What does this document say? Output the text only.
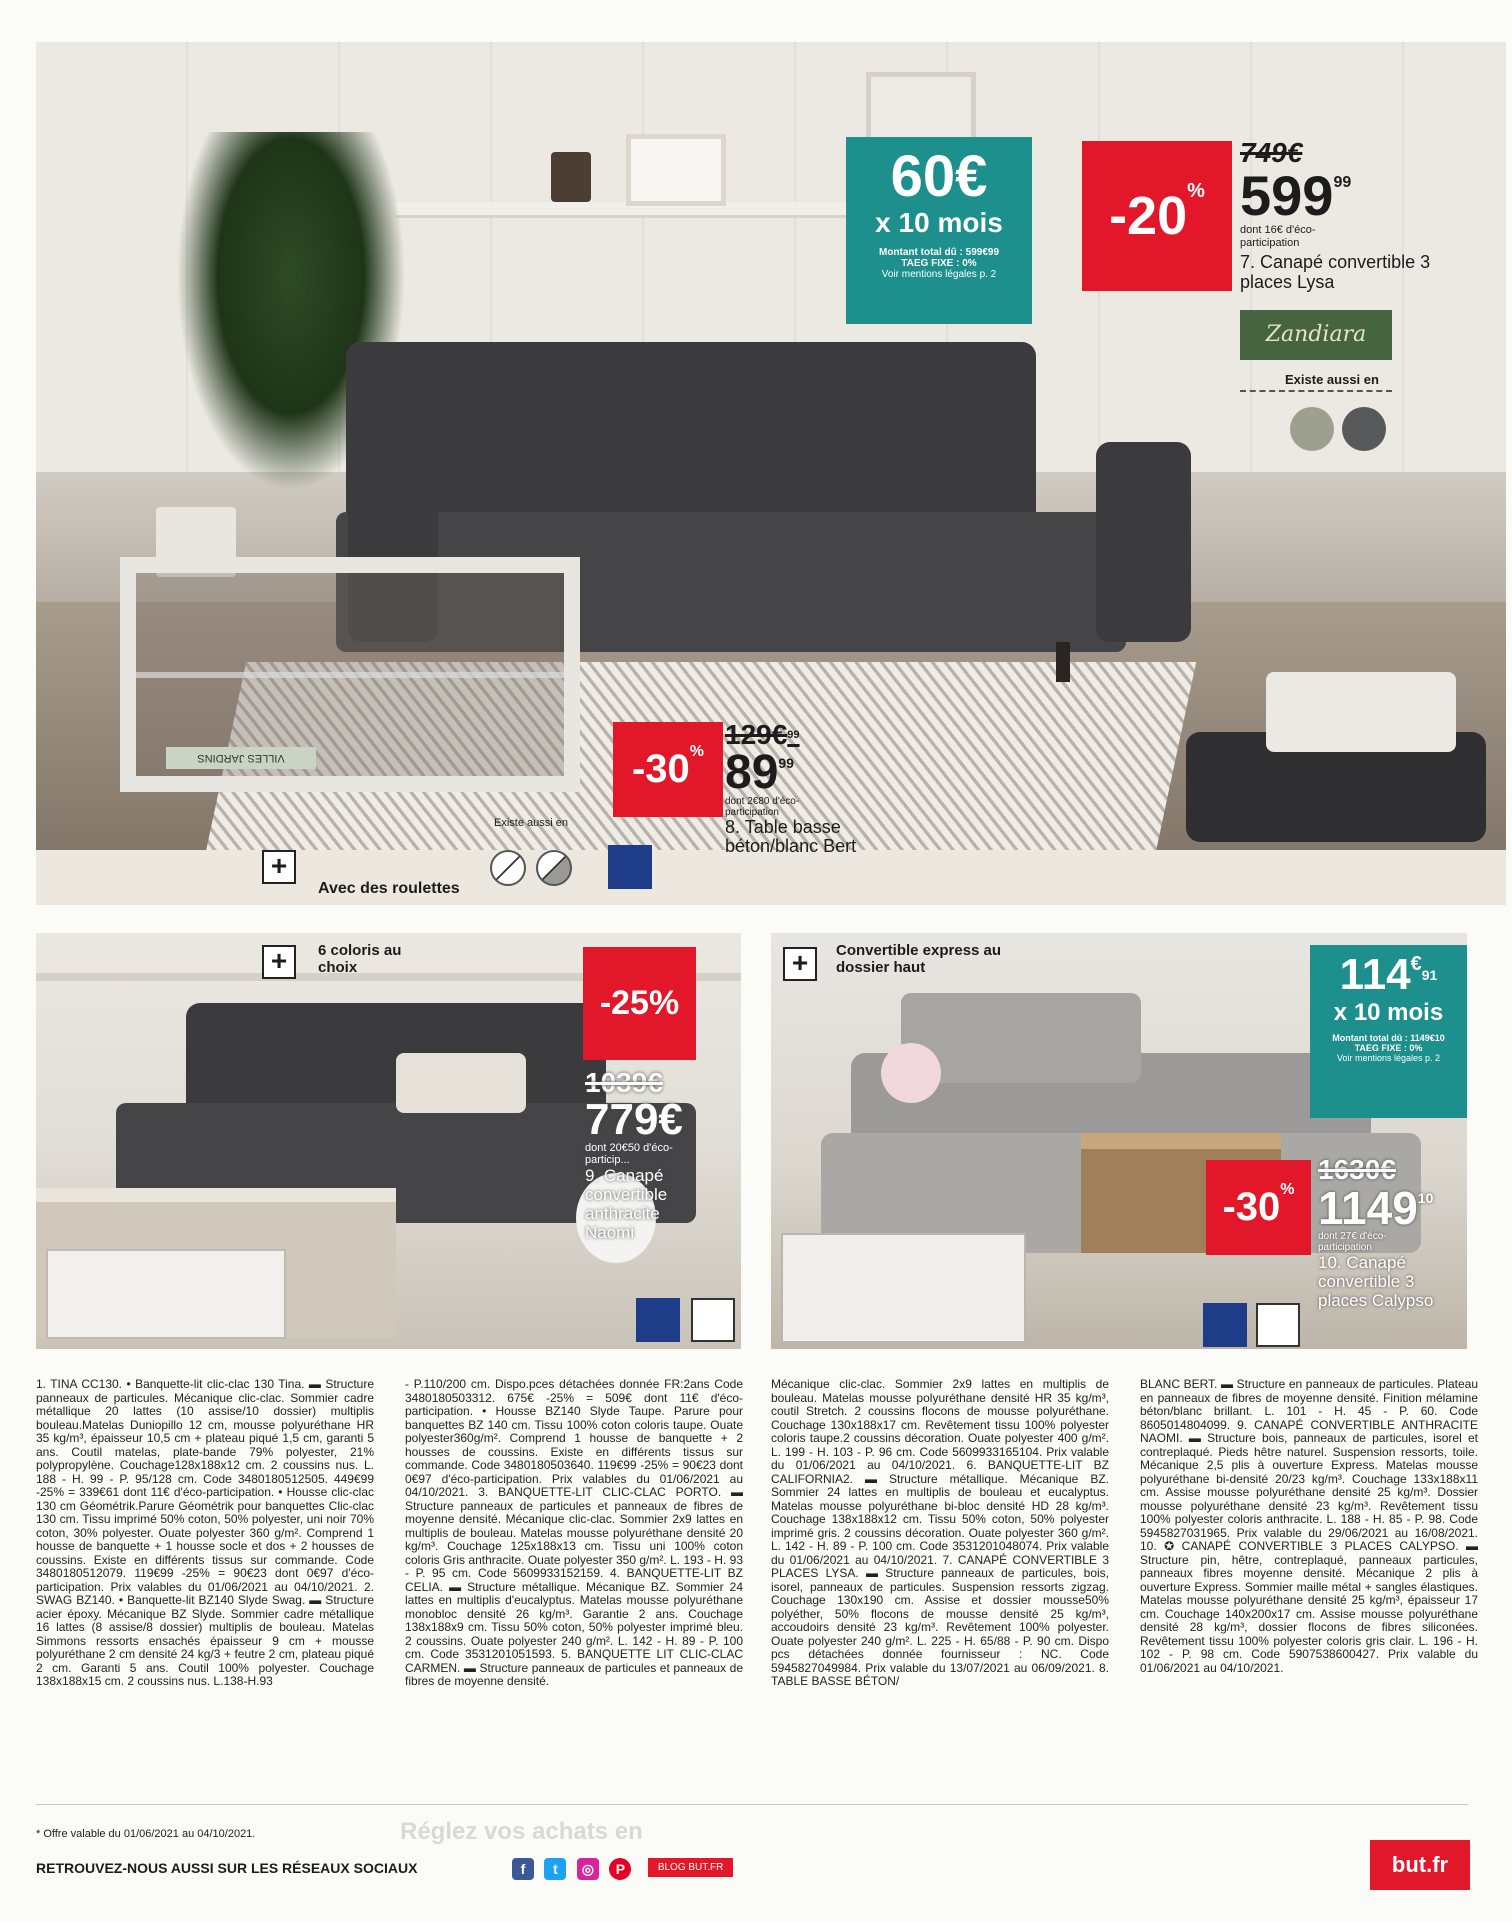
VILLES JARDINS
60€
x 10 mois
Montant total dû : 599€99
TAEG FIXE : 0%
Voir mentions légales p. 2
-20%
749€
$599^{99}$
dont 16€ d'éco-participation
7. Canapé convertible 3 places Lysa
Zandiara
Existe aussi en

-30%
129€$^{99}$
$89^{99}$
dont 2€80 d'éco-participation
8. Table basse béton/blanc Bert
Existe aussi en

+
Avec des roulettes
+	6 coloris au choix
-25%
1039€
779€
dont 20€50 d'éco-particip...
9. Canapé convertible anthracite Naomi
+	Convertible express au dossier haut	$114^{€91}$
x 10 mois
Montant total dû : 1149€10
TAEG FIXE : 0%
Voir mentions légales p. 2
-30%
1630€
1149$^{10}$
dont 27€ d'éco-participation
10. Canapé convertible 3 places Calypso
1. TINA CC130. • Banquette-lit clic-clac 130 Tina. ▬ Structure panneaux de particules. Mécanique clic-clac. Sommier cadre métallique 20 lattes (10 assise/10 dossier) multiplis bouleau.Matelas Duniopillo 12 cm, mousse polyuréthane HR 35 kg/m³, épaisseur 10,5 cm + plateau piqué 1,5 cm, garanti 5 ans. Coutil matelas, plate-bande 79% polyester, 21% polypropylène. Couchage128x188x12 cm. 2 coussins nus. L. 188 - H. 99 - P. 95/128 cm. Code 3480180512505. 449€99 -25% = 339€61 dont 11€ d'éco-participation. • Housse clic-clac 130 cm Géométrik.Parure Géométrik pour banquettes Clic-clac 130 cm. Tissu imprimé 50% coton, 50% polyester, uni noir 70% coton, 30% polyester. Ouate polyester 360 g/m². Comprend 1 housse de banquette + 1 housse socle et dos + 2 housses de coussins. Existe en différents tissus sur commande. Code 3480180512079. 119€99 -25% = 90€23 dont 0€97 d'éco-participation. Prix valables du 01/06/2021 au 04/10/2021. 2. SWAG BZ140. • Banquette-lit BZ140 Slyde Swag. ▬ Structure acier époxy. Mécanique BZ Slyde. Sommier cadre métallique 16 lattes (8 assise/8 dossier) multiplis de bouleau. Matelas Simmons ressorts ensachés épaisseur 9 cm + mousse polyuréthane 2 cm densité 24 kg/3 + feutre 2 cm, plateau piqué 2 cm. Garanti 5 ans. Coutil 100% polyester. Couchage 138x188x15 cm. 2 coussins nus. L.138-H.93
- P.110/200 cm. Dispo.pces détachées donnée FR:2ans Code 3480180503312. 675€ -25% = 509€ dont 11€ d'éco-participation. • Housse BZ140 Slyde Taupe. Parure pour banquettes BZ 140 cm. Tissu 100% coton coloris taupe. Ouate polyester360g/m². Comprend 1 housse de banquette + 2 housses de coussins. Existe en différents tissus sur commande. Code 3480180503640. 119€99 -25% = 90€23 dont 0€97 d'éco-participation. Prix valables du 01/06/2021 au 04/10/2021. 3. BANQUETTE-LIT CLIC-CLAC PORTO. ▬ Structure panneaux de particules et panneaux de fibres de moyenne densité. Mécanique clic-clac. Sommier 2x9 lattes en multiplis de bouleau. Matelas mousse polyuréthane densité 20 kg/m³. Couchage 125x188x13 cm. Tissu uni 100% coton coloris Gris anthracite. Ouate polyester 350 g/m². L. 193 - H. 93 - P. 95 cm. Code 5609933152159. 4. BANQUETTE-LIT BZ CELIA. ▬ Structure métallique. Mécanique BZ. Sommier 24 lattes en multiplis d'eucalyptus. Matelas mousse polyuréthane monobloc densité 26 kg/m³. Garantie 2 ans. Couchage 138x188x9 cm. Tissu 50% coton, 50% polyester imprimé bleu. 2 coussins. Ouate polyester 240 g/m². L. 142 - H. 89 - P. 100 cm. Code 3531201051593. 5. BANQUETTE LIT CLIC-CLAC CARMEN. ▬ Structure panneaux de particules et panneaux de fibres de moyenne densité.
Mécanique clic-clac. Sommier 2x9 lattes en multiplis de bouleau. Matelas mousse polyuréthane densité HR 35 kg/m³, coutil Stretch. 2 coussins flocons de mousse polyuréthane. Couchage 130x188x17 cm. Revêtement tissu 100% polyester coloris taupe.2 coussins décoration. Ouate polyester 400 g/m². L. 199 - H. 103 - P. 96 cm. Code 5609933165104. Prix valable du 01/06/2021 au 04/10/2021. 6. BANQUETTE-LIT BZ CALIFORNIA2. ▬ Structure métallique. Mécanique BZ. Sommier 24 lattes en multiplis de bouleau et eucalyptus. Matelas mousse polyuréthane bi-bloc densité HD 28 kg/m³. Couchage 138x188x12 cm. Tissu 50% coton, 50% polyester imprimé gris. 2 coussins décoration. Ouate polyester 360 g/m². L. 142 - H. 89 - P. 100 cm. Code 3531201048074. Prix valable du 01/06/2021 au 04/10/2021. 7. CANAPÉ CONVERTIBLE 3 PLACES LYSA. ▬ Structure panneaux de particules, bois, isorel, panneaux de particules. Suspension ressorts zigzag. Couchage 130x190 cm. Assise et dossier mousse50% polyéther, 50% flocons de mousse densité 25 kg/m³, accoudoirs densité 23 kg/m³. Revêtement 100% polyester. Ouate polyester 240 g/m². L. 225 - H. 65/88 - P. 90 cm. Dispo pcs détachées donnée fournisseur : NC. Code 5945827049984. Prix valable du 13/07/2021 au 06/09/2021. 8. TABLE BASSE BÉTON/
BLANC BERT. ▬ Structure en panneaux de particules. Plateau en panneaux de fibres de moyenne densité. Finition mélamine béton/blanc brillant. L. 101 - H. 45 - P. 60. Code 8605014804099. 9. CANAPÉ CONVERTIBLE ANTHRACITE NAOMI. ▬ Structure bois, panneaux de particules, isorel et contreplaqué. Pieds hêtre naturel. Suspension ressorts, toile. Mécanique 2,5 plis à ouverture Express. Matelas mousse polyuréthane bi-densité 20/23 kg/m³. Couchage 133x188x11 cm. Assise mousse polyuréthane densité 25 kg/m³. Dossier mousse polyuréthane densité 23 kg/m³. Revêtement tissu 100% polyester coloris anthracite. L. 188 - H. 85 - P. 98. Code 5945827031965. Prix valable du 29/06/2021 au 16/08/2021. 10. ✪ CANAPÉ CONVERTIBLE 3 PLACES CALYPSO. ▬ Structure pin, hêtre, contreplaqué, panneaux particules, panneaux fibres moyenne densité. Mécanique 2 plis à ouverture Express. Sommier maille métal + sangles élastiques. Matelas mousse polyuréthane densité 25 kg/m³, épaisseur 17 cm. Couchage 140x200x17 cm. Assise mousse polyuréthane densité 28 kg/m³, dossier flocons de fibres siliconées. Revêtement tissu 100% polyester coloris gris clair. L. 196 - H. 102 - P. 98 cm. Code 5907538600427. Prix valable du 01/06/2021 au 04/10/2021.
Réglez vos achats en
* Offre valable du 01/06/2021 au 04/10/2021.
RETROUVEZ-NOUS AUSSI SUR LES RÉSEAUX SOCIAUX	f t ◎ P	BLOG BUT.FR	but.fr
